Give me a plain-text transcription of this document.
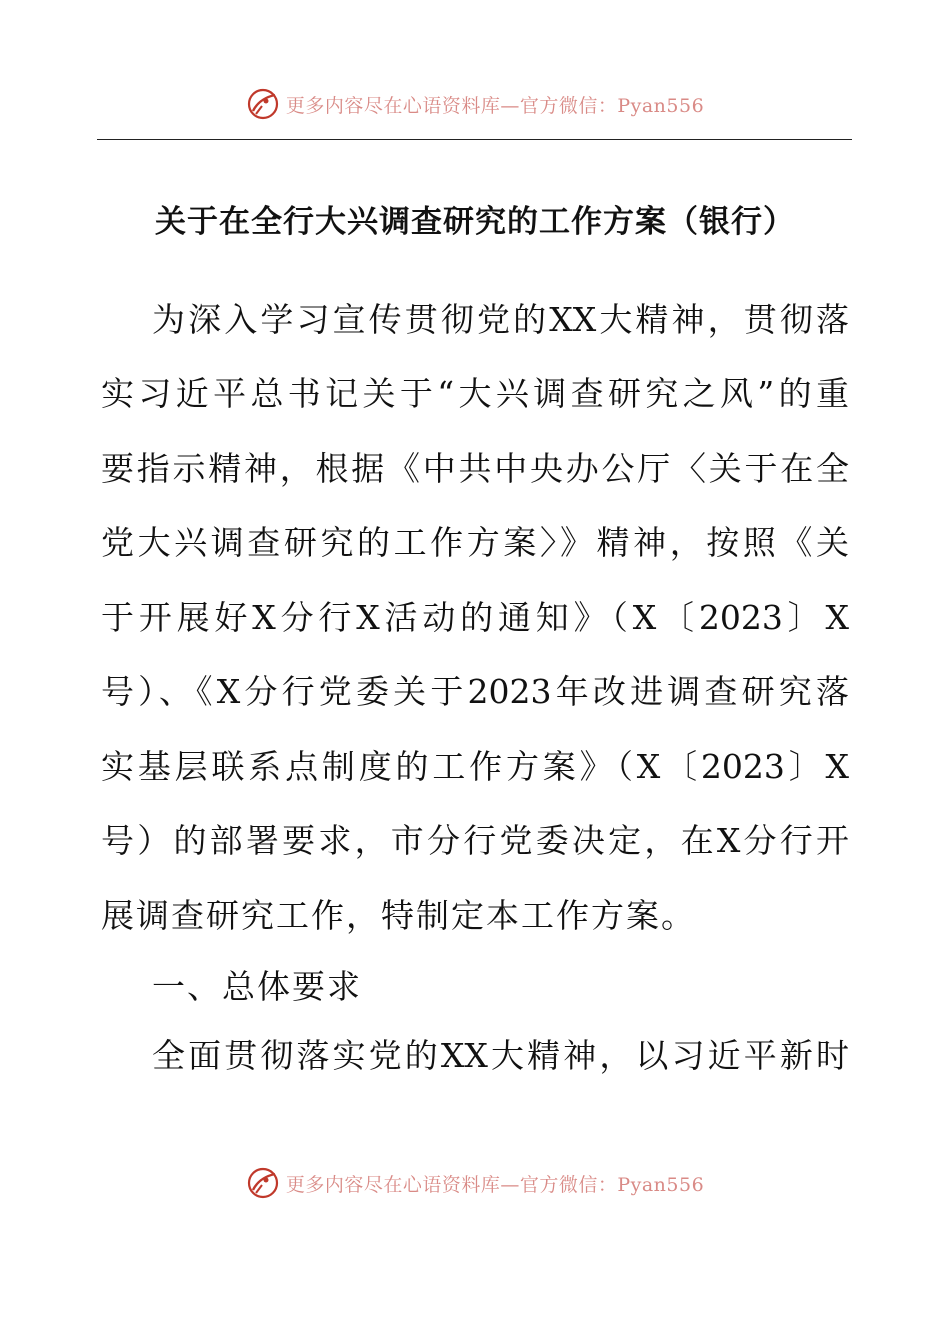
更多内容尽在心语资料库—官方微信：Pyan556
关于在全行大兴调查研究的工作方案（银行）
为深入学习宣传贯彻党的XX大精神，贯彻落
实习近平总书记关于“大兴调查研究之风”的重
要指示精神，根据《中共中央办公厅〈关于在全
党大兴调查研究的工作方案〉》精神，按照《关
于开展好X分行X活动的通知》（X〔2023〕X
号）、《X分行党委关于2023年改进调查研究落
实基层联系点制度的工作方案》（X〔2023〕X
号）的部署要求，市分行党委决定，在X分行开
展调查研究工作，特制定本工作方案。
一、总体要求
全面贯彻落实党的XX大精神，以习近平新时
更多内容尽在心语资料库—官方微信：Pyan556
